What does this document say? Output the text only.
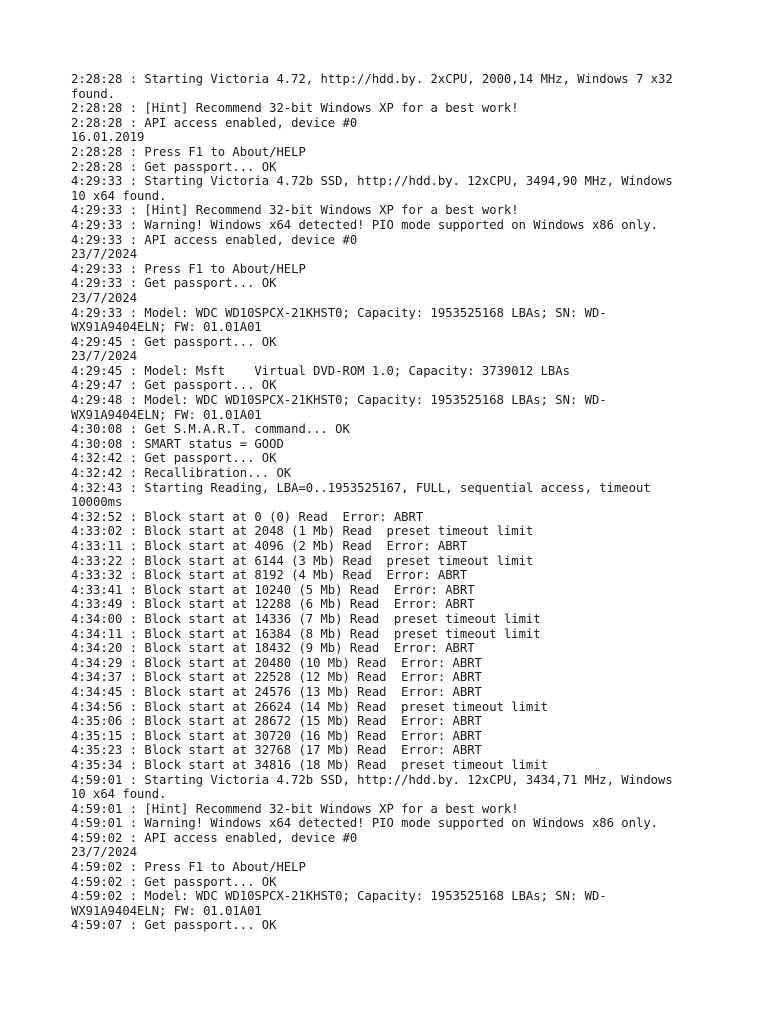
2:28:28 : Starting Victoria 4.72, http://hdd.by. 2xCPU, 2000,14 MHz, Windows 7 x32
found.
2:28:28 : [Hint] Recommend 32-bit Windows XP for a best work!
2:28:28 : API access enabled, device #0
16.01.2019
2:28:28 : Press F1 to About/HELP
2:28:28 : Get passport... OK
4:29:33 : Starting Victoria 4.72b SSD, http://hdd.by. 12xCPU, 3494,90 MHz, Windows
10 x64 found.
4:29:33 : [Hint] Recommend 32-bit Windows XP for a best work!
4:29:33 : Warning! Windows x64 detected! PIO mode supported on Windows x86 only.
4:29:33 : API access enabled, device #0
23/7/2024
4:29:33 : Press F1 to About/HELP
4:29:33 : Get passport... OK
23/7/2024
4:29:33 : Model: WDC WD10SPCX-21KHST0; Capacity: 1953525168 LBAs; SN: WD-
WX91A9404ELN; FW: 01.01A01
4:29:45 : Get passport... OK
23/7/2024
4:29:45 : Model: Msft    Virtual DVD-ROM 1.0; Capacity: 3739012 LBAs
4:29:47 : Get passport... OK
4:29:48 : Model: WDC WD10SPCX-21KHST0; Capacity: 1953525168 LBAs; SN: WD-
WX91A9404ELN; FW: 01.01A01
4:30:08 : Get S.M.A.R.T. command... OK
4:30:08 : SMART status = GOOD
4:32:42 : Get passport... OK
4:32:42 : Recallibration... OK
4:32:43 : Starting Reading, LBA=0..1953525167, FULL, sequential access, timeout
10000ms
4:32:52 : Block start at 0 (0) Read  Error: ABRT
4:33:02 : Block start at 2048 (1 Mb) Read  preset timeout limit
4:33:11 : Block start at 4096 (2 Mb) Read  Error: ABRT
4:33:22 : Block start at 6144 (3 Mb) Read  preset timeout limit
4:33:32 : Block start at 8192 (4 Mb) Read  Error: ABRT
4:33:41 : Block start at 10240 (5 Mb) Read  Error: ABRT
4:33:49 : Block start at 12288 (6 Mb) Read  Error: ABRT
4:34:00 : Block start at 14336 (7 Mb) Read  preset timeout limit
4:34:11 : Block start at 16384 (8 Mb) Read  preset timeout limit
4:34:20 : Block start at 18432 (9 Mb) Read  Error: ABRT
4:34:29 : Block start at 20480 (10 Mb) Read  Error: ABRT
4:34:37 : Block start at 22528 (12 Mb) Read  Error: ABRT
4:34:45 : Block start at 24576 (13 Mb) Read  Error: ABRT
4:34:56 : Block start at 26624 (14 Mb) Read  preset timeout limit
4:35:06 : Block start at 28672 (15 Mb) Read  Error: ABRT
4:35:15 : Block start at 30720 (16 Mb) Read  Error: ABRT
4:35:23 : Block start at 32768 (17 Mb) Read  Error: ABRT
4:35:34 : Block start at 34816 (18 Mb) Read  preset timeout limit
4:59:01 : Starting Victoria 4.72b SSD, http://hdd.by. 12xCPU, 3434,71 MHz, Windows
10 x64 found.
4:59:01 : [Hint] Recommend 32-bit Windows XP for a best work!
4:59:01 : Warning! Windows x64 detected! PIO mode supported on Windows x86 only.
4:59:02 : API access enabled, device #0
23/7/2024
4:59:02 : Press F1 to About/HELP
4:59:02 : Get passport... OK
4:59:02 : Model: WDC WD10SPCX-21KHST0; Capacity: 1953525168 LBAs; SN: WD-
WX91A9404ELN; FW: 01.01A01
4:59:07 : Get passport... OK
